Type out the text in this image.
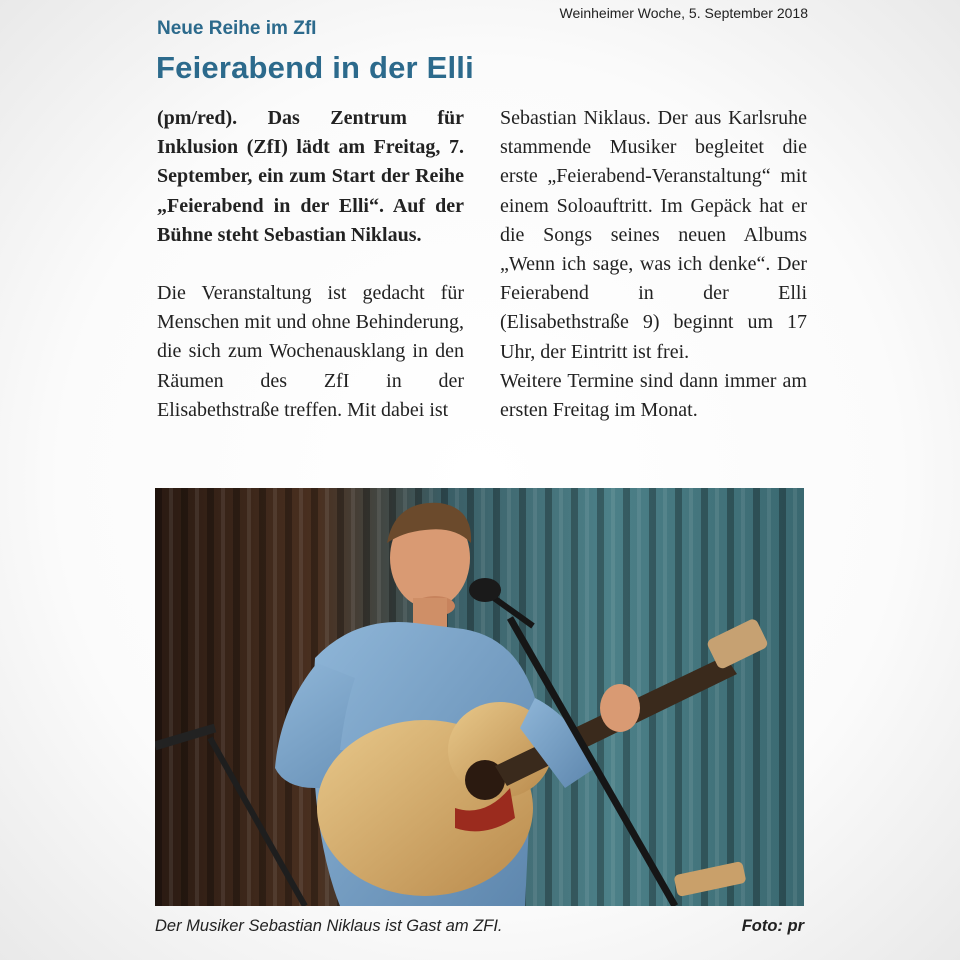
Weinheimer Woche, 5. September 2018
Neue Reihe im ZfI
Feierabend in der Elli

(pm/red). Das Zentrum für Inklusion (ZfI) lädt am Freitag, 7. September, ein zum Start der Reihe „Feierabend in der Elli“. Auf der Bühne steht Sebastian Niklaus.

Die Veranstaltung ist gedacht für Menschen mit und ohne Behinderung, die sich zum Wochenausklang in den Räumen des ZfI in der Elisabethstraße treffen. Mit dabei ist

Sebastian Niklaus. Der aus Karlsruhe stammende Musiker begleitet die erste „Feierabend-Veranstaltung“ mit einem Soloauftritt. Im Gepäck hat er die Songs seines neuen Albums „Wenn ich sage, was ich denke“. Der Feierabend in der Elli (Elisabethstraße 9) beginnt um 17 Uhr, der Eintritt ist frei.

Weitere Termine sind dann immer am ersten Freitag im Monat.

Der Musiker Sebastian Niklaus ist Gast am ZFI.	Foto: pr
